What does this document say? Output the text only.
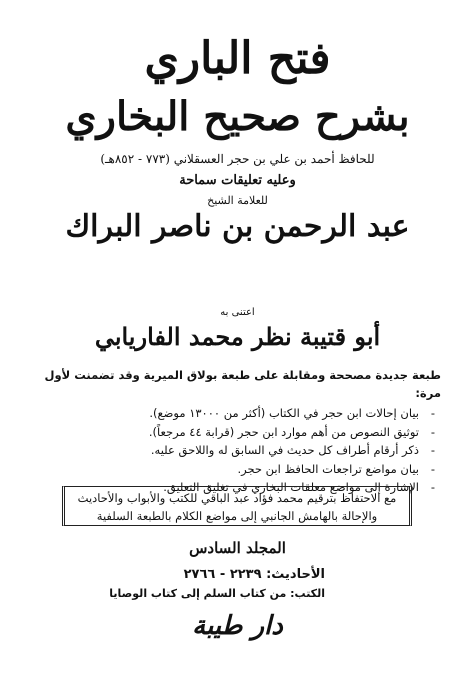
فتح الباري
بشرح صحيح البخاري
للحافظ أحمد بن علي بن حجر العسقلاني (٧٧٣ - ٨٥٢هـ)
وعليه تعليقات سماحة
للعلامة الشيخ
عبد الرحمن بن ناصر البراك
اعتنى به
أبو قتيبة نظر محمد الفاريابي

طبعة جديدة مصححة ومقابلة على طبعة بولاق الميرية وقد تضمنت لأول مرة:

- بيان إحالات ابن حجر في الكتاب (أكثر من ١٣٠٠٠ موضع).
- توثيق النصوص من أهم موارد ابن حجر (قرابة ٤٤ مرجعاً).
- ذكر أرقام أطراف كل حديث في السابق له واللاحق عليه.
- بيان مواضع تراجعات الحافظ ابن حجر.
- الإشارة إلى مواضع معلقات البخاري في تغليق التعليق.
مع الاحتفاظ بترقيم محمد فؤاد عبد الباقي للكتب والأبواب والأحاديث
والإحالة بالهامش الجانبي إلى مواضع الكلام بالطبعة السلفية
المجلد السادس
الأحاديث: ٢٢٣٩ - ٢٧٦٦
الكتب: من كتاب السلم إلى كتاب الوصايا
دار طيبة
